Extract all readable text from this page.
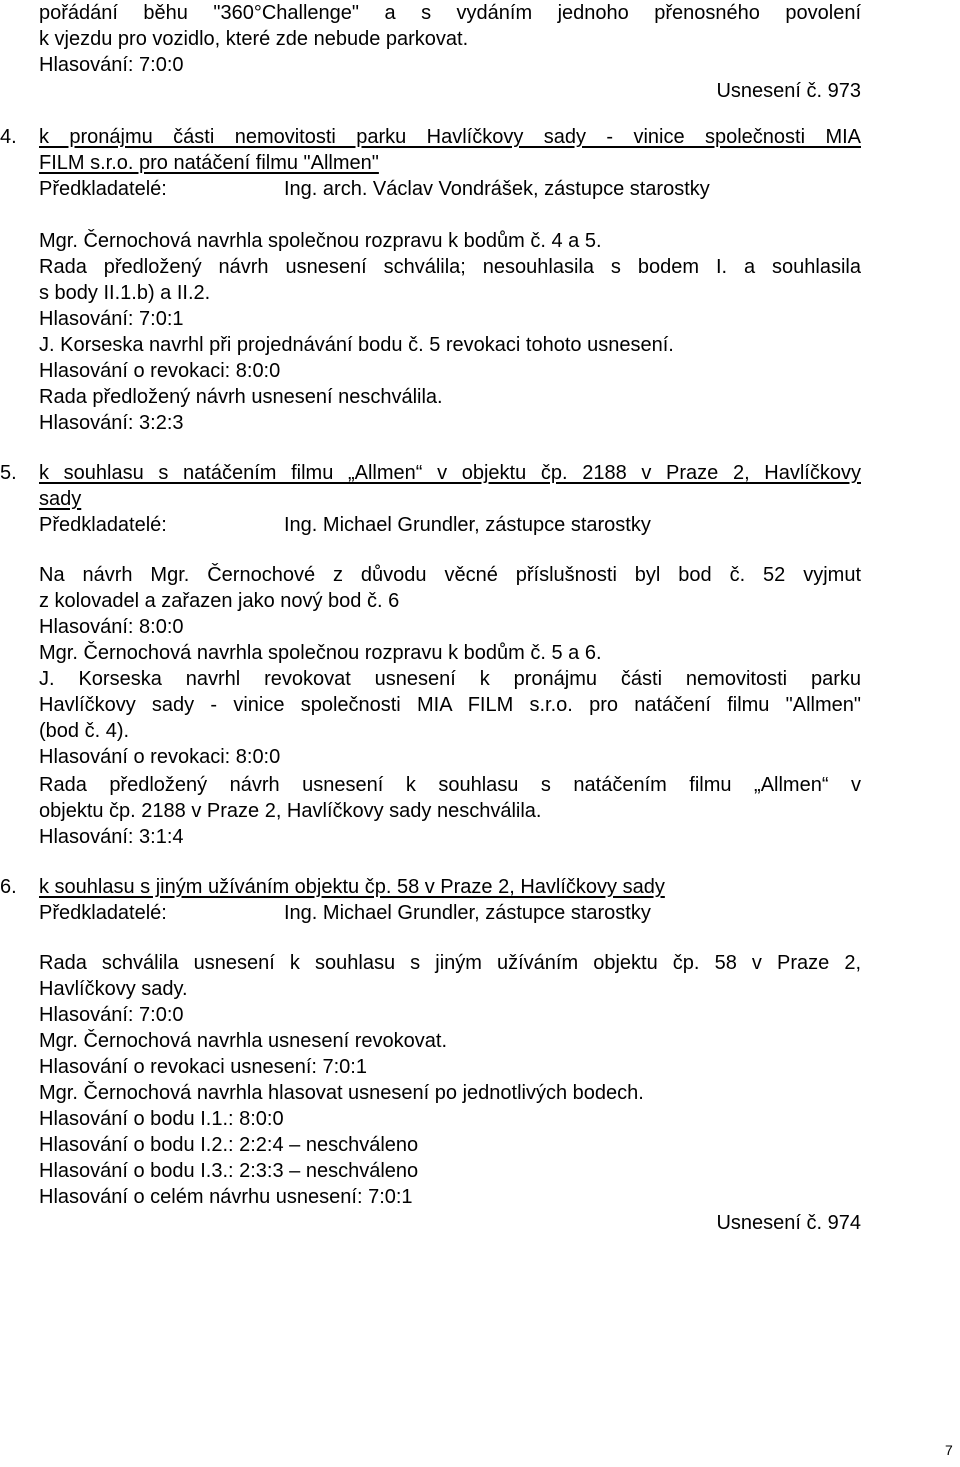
pořádání běhu "360°Challenge" a s vydáním jednoho přenosného povolení
k vjezdu pro vozidlo, které zde nebude parkovat.
Hlasování: 7:0:0
Usnesení č. 973
4.	k pronájmu části nemovitosti parku Havlíčkovy sady - vinice společnosti MIA
FILM s.r.o. pro natáčení filmu "Allmen"
Předkladatelé:	Ing. arch. Václav Vondrášek, zástupce starostky
Mgr. Černochová navrhla společnou rozpravu k bodům č. 4 a 5.
Rada předložený návrh usnesení schválila; nesouhlasila s bodem I. a souhlasila
s body II.1.b) a II.2.
Hlasování: 7:0:1
J. Korseska navrhl při projednávání bodu č. 5 revokaci tohoto usnesení.
Hlasování o revokaci: 8:0:0
Rada předložený návrh usnesení neschválila.
Hlasování: 3:2:3
5.	k souhlasu s natáčením filmu „Allmen“ v objektu čp. 2188 v Praze 2, Havlíčkovy
sady
Předkladatelé:	Ing. Michael Grundler, zástupce starostky
Na návrh Mgr. Černochové z důvodu věcné příslušnosti byl bod č. 52 vyjmut
z kolovadel a zařazen jako nový bod č. 6
Hlasování: 8:0:0
Mgr. Černochová navrhla společnou rozpravu k bodům č. 5 a 6.
J. Korseska navrhl revokovat usnesení k pronájmu části nemovitosti parku
Havlíčkovy sady - vinice společnosti MIA FILM s.r.o. pro natáčení filmu "Allmen"
(bod č. 4).
Hlasování o revokaci: 8:0:0
Rada předložený návrh usnesení k souhlasu s natáčením filmu „Allmen“ v
objektu čp. 2188 v Praze 2, Havlíčkovy sady neschválila.
Hlasování: 3:1:4
6.	k souhlasu s jiným užíváním objektu čp. 58 v Praze 2, Havlíčkovy sady
Předkladatelé:	Ing. Michael Grundler, zástupce starostky
Rada schválila usnesení k souhlasu s jiným užíváním objektu čp. 58 v Praze 2,
Havlíčkovy sady.
Hlasování: 7:0:0
Mgr. Černochová navrhla usnesení revokovat.
Hlasování o revokaci usnesení: 7:0:1
Mgr. Černochová navrhla hlasovat usnesení po jednotlivých bodech.
Hlasování o bodu I.1.: 8:0:0
Hlasování o bodu I.2.: 2:2:4 – neschváleno
Hlasování o bodu I.3.: 2:3:3 – neschváleno
Hlasování o celém návrhu usnesení: 7:0:1
Usnesení č. 974
7
